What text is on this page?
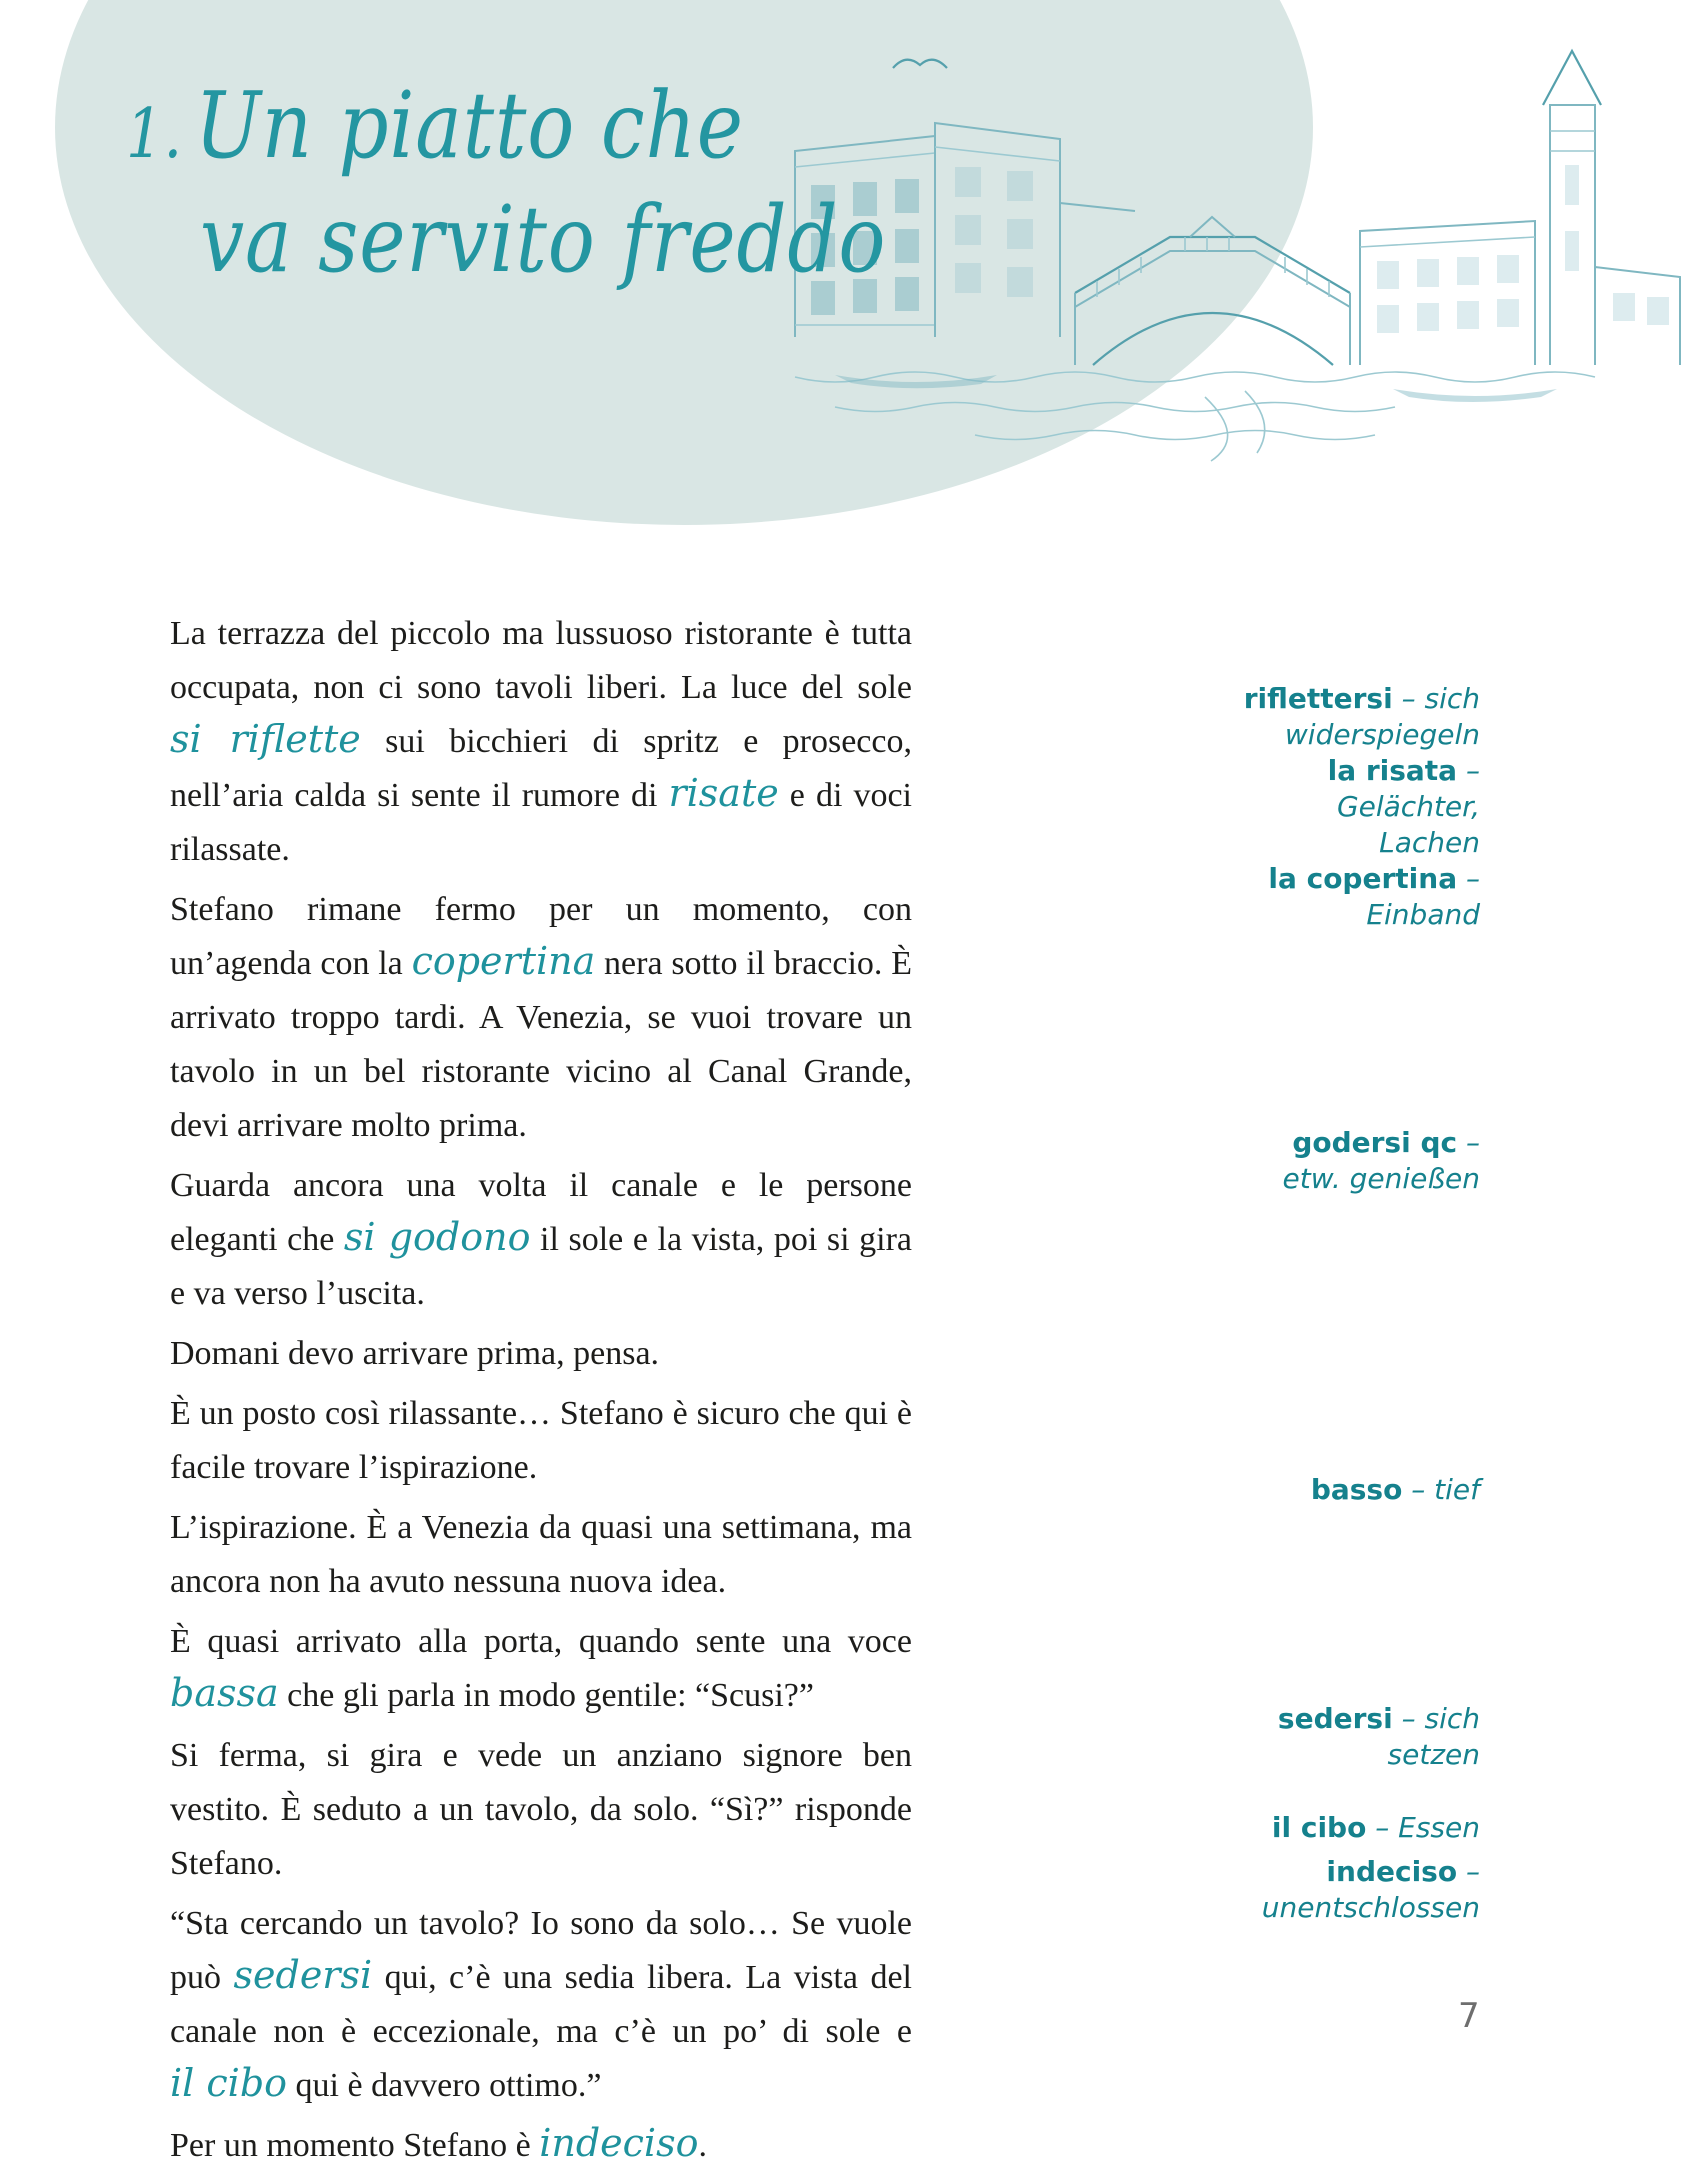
1. Un piatto che
va servito freddo

La terrazza del piccolo ma lussuoso ristorante è tutta occupata, non ci sono tavoli liberi. La luce del sole si riflette sui bicchieri di spritz e prosecco, nell’aria calda si sente il rumore di risate e di voci rilassate.

Stefano rimane fermo per un momento, con un’agenda con la copertina nera sotto il braccio. È arrivato troppo tardi. A Venezia, se vuoi trovare un tavolo in un bel ristorante vicino al Canal Grande, devi arrivare molto prima.

Guarda ancora una volta il canale e le persone eleganti che si godono il sole e la vista, poi si gira e va verso l’uscita.

Domani devo arrivare prima, pensa.

È un posto così rilassante… Stefano è sicuro che qui è facile trovare l’ispirazione.

L’ispirazione. È a Venezia da quasi una settimana, ma ancora non ha avuto nessuna nuova idea.

È quasi arrivato alla porta, quando sente una voce bassa che gli parla in modo gentile: “Scusi?”

Si ferma, si gira e vede un anziano signore ben vestito. È seduto a un tavolo, da solo. “Sì?” risponde Stefano.

“Sta cercando un tavolo? Io sono da solo… Se vuole può sedersi qui, c’è una sedia libera. La vista del canale non è eccezionale, ma c’è un po’ di sole e il cibo qui è davvero ottimo.”

Per un momento Stefano è indeciso.

riflettersi – sich widerspiegeln
la risata – Gelächter, Lachen
la copertina – Einband
godersi qc – etw. genießen
basso – tief
sedersi – sich setzen
il cibo – Essen
indeciso – unentschlossen
7
